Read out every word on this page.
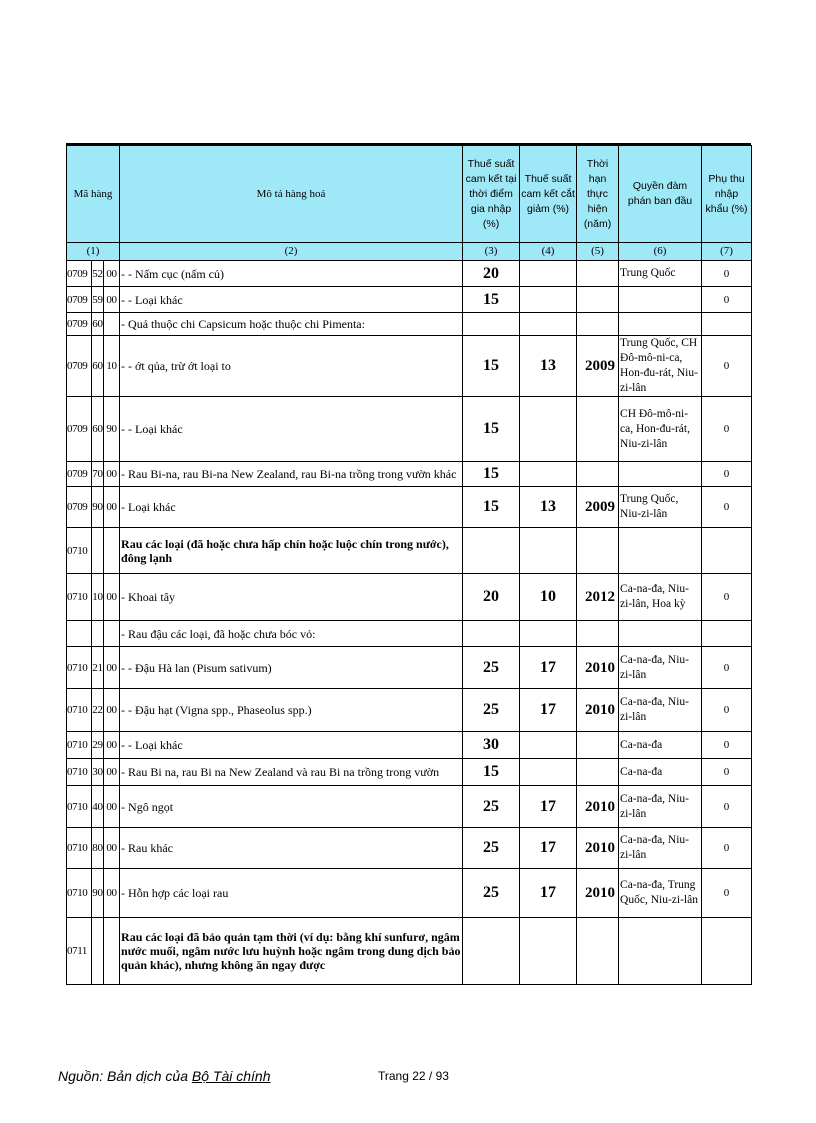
Mã hàng			Mô tả hàng hoá	Thuế suất cam kết tại thời điểm gia nhập (%)	Thuế suất cam kết cắt giảm (%)	Thời hạn thực hiện (năm)	Quyền đàm phán ban đầu	Phụ thu nhập khẩu (%)
(1)			(2)	(3)	(4)	(5)	(6)	(7)
0709	52	00	- - Nấm cục (nấm củ)	20			Trung Quốc	0
0709	59	00	- - Loại khác	15				0
0709	60		- Quả thuộc chi Capsicum hoặc thuộc chi Pimenta:					
0709	60	10	- - ớt qủa, trừ ớt loại to	15	13	2009	Trung Quốc, CH Đô-mô-ni-ca, Hon-đu-rát, Niu-zi-lân	0
0709	60	90	- - Loại khác	15			CH Đô-mô-ni-ca, Hon-đu-rát, Niu-zi-lân	0
0709	70	00	- Rau Bi-na, rau Bi-na New Zealand, rau Bi-na trồng trong vườn khác	15				0
0709	90	00	- Loại khác	15	13	2009	Trung Quốc, Niu-zi-lân	0
0710			Rau các loại (đã hoặc chưa hấp chín hoặc luộc chín trong nước), đông lạnh					
0710	10	00	- Khoai tây	20	10	2012	Ca-na-đa, Niu-zi-lân, Hoa kỳ	0
			- Rau đậu các loại, đã hoặc chưa bóc vỏ:					
0710	21	00	- - Đậu Hà lan (Pisum sativum)	25	17	2010	Ca-na-đa, Niu-zi-lân	0
0710	22	00	- - Đậu hạt (Vigna spp., Phaseolus spp.)	25	17	2010	Ca-na-đa, Niu-zi-lân	0
0710	29	00	- - Loại khác	30			Ca-na-đa	0
0710	30	00	- Rau Bi na, rau Bi na New Zealand và rau Bi na trồng trong vườn	15			Ca-na-đa	0
0710	40	00	- Ngô ngọt	25	17	2010	Ca-na-đa, Niu-zi-lân	0
0710	80	00	- Rau khác	25	17	2010	Ca-na-đa, Niu-zi-lân	0
0710	90	00	- Hỗn hợp các loại rau	25	17	2010	Ca-na-đa, Trung Quốc, Niu-zi-lân	0
0711			Rau các loại đã bảo quản tạm thời (ví dụ: bằng khí sunfurơ, ngâm nước muối, ngâm nước lưu huỳnh hoặc ngâm trong dung dịch bảo quản khác), nhưng không ăn ngay được					
Nguồn: Bản dịch của Bộ Tài chính	Trang 22 / 93
